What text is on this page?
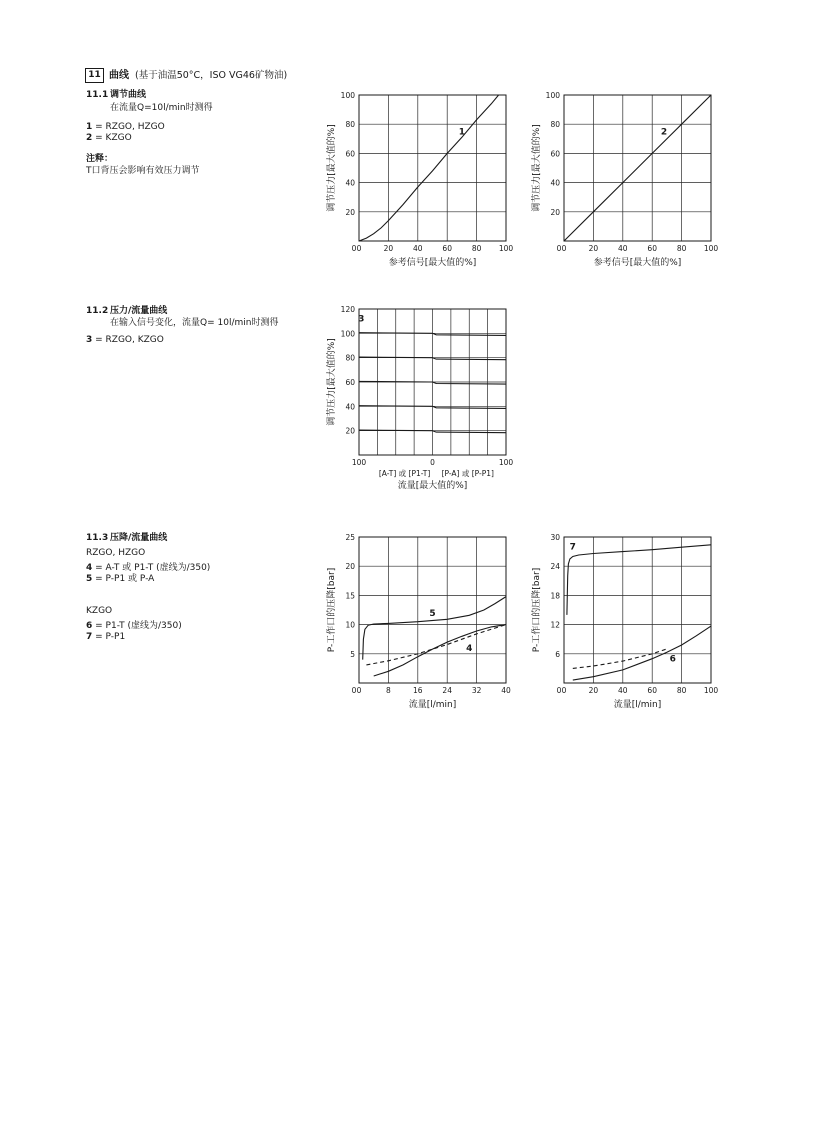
11 曲线 (基于油温50°C，ISO VG46矿物油)
11.1 调节曲线
在流量Q=10l/min时测得
1 = RZGO, HZGO
2 = KZGO
注释：
T口背压会影响有效压力调节
11.2 压力/流量曲线
在输入信号变化，流量Q= 10l/min时测得
3 = RZGO, KZGO
11.3 压降/流量曲线
RZGO, HZGO
4 = A-T 或 P1-T (虚线为/350)
5 = P-P1 或 P-A
KZGO
6 = P1-T (虚线为/350)
7 = P-P1
0	20	40	60	80 100
0
20
40
60
80
100
参考信号[最大值的%]
调节压力[最大值的%]	1
0	20	40	60	80 100
0
20
40
60
80
100
参考信号[最大值的%]
调节压力[最大值的%]	2
100	0	100
20
40
60
80
100
120
[A-T] 或 [P1-T] [P-A] 或 [P-P1]
流量[最大值的%]
调节压力[最大值的%]
3
0	8	16	24	32	40
0
5
10
15
20
25
流量[l/min]
P-工作口的压降[bar]	5
4
0	20	40	60	80 100
0
6
12
18
24
30
流量[l/min]
P-工作口的压降[bar]
7
6
